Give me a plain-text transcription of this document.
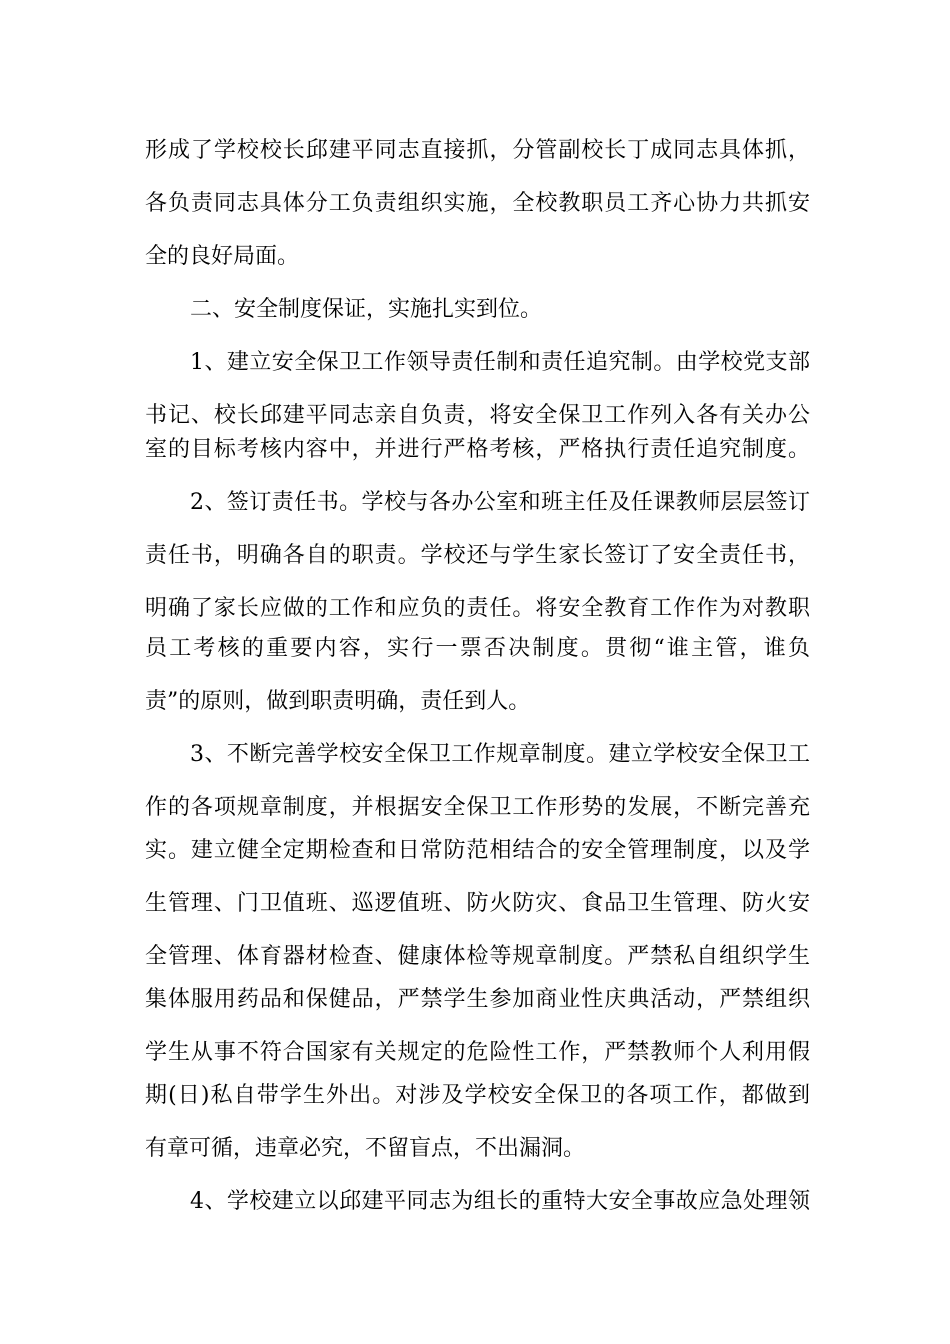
形成了学校校长邱建平同志直接抓，分管副校长丁成同志具体抓，
各负责同志具体分工负责组织实施，全校教职员工齐心协力共抓安
全的良好局面。
二、安全制度保证，实施扎实到位。
1、建立安全保卫工作领导责任制和责任追究制。由学校党支部
书记、校长邱建平同志亲自负责，将安全保卫工作列入各有关办公
室的目标考核内容中，并进行严格考核，严格执行责任追究制度。
2、签订责任书。学校与各办公室和班主任及任课教师层层签订
责任书，明确各自的职责。学校还与学生家长签订了安全责任书，
明确了家长应做的工作和应负的责任。将安全教育工作作为对教职
员工考核的重要内容，实行一票否决制度。贯彻“谁主管，谁负
责”的原则，做到职责明确，责任到人。
3、不断完善学校安全保卫工作规章制度。建立学校安全保卫工
作的各项规章制度，并根据安全保卫工作形势的发展，不断完善充
实。建立健全定期检查和日常防范相结合的安全管理制度，以及学
生管理、门卫值班、巡逻值班、防火防灾、食品卫生管理、防火安
全管理、体育器材检查、健康体检等规章制度。严禁私自组织学生
集体服用药品和保健品，严禁学生参加商业性庆典活动，严禁组织
学生从事不符合国家有关规定的危险性工作，严禁教师个人利用假
期(日)私自带学生外出。对涉及学校安全保卫的各项工作，都做到
有章可循，违章必究，不留盲点，不出漏洞。
4、学校建立以邱建平同志为组长的重特大安全事故应急处理领
